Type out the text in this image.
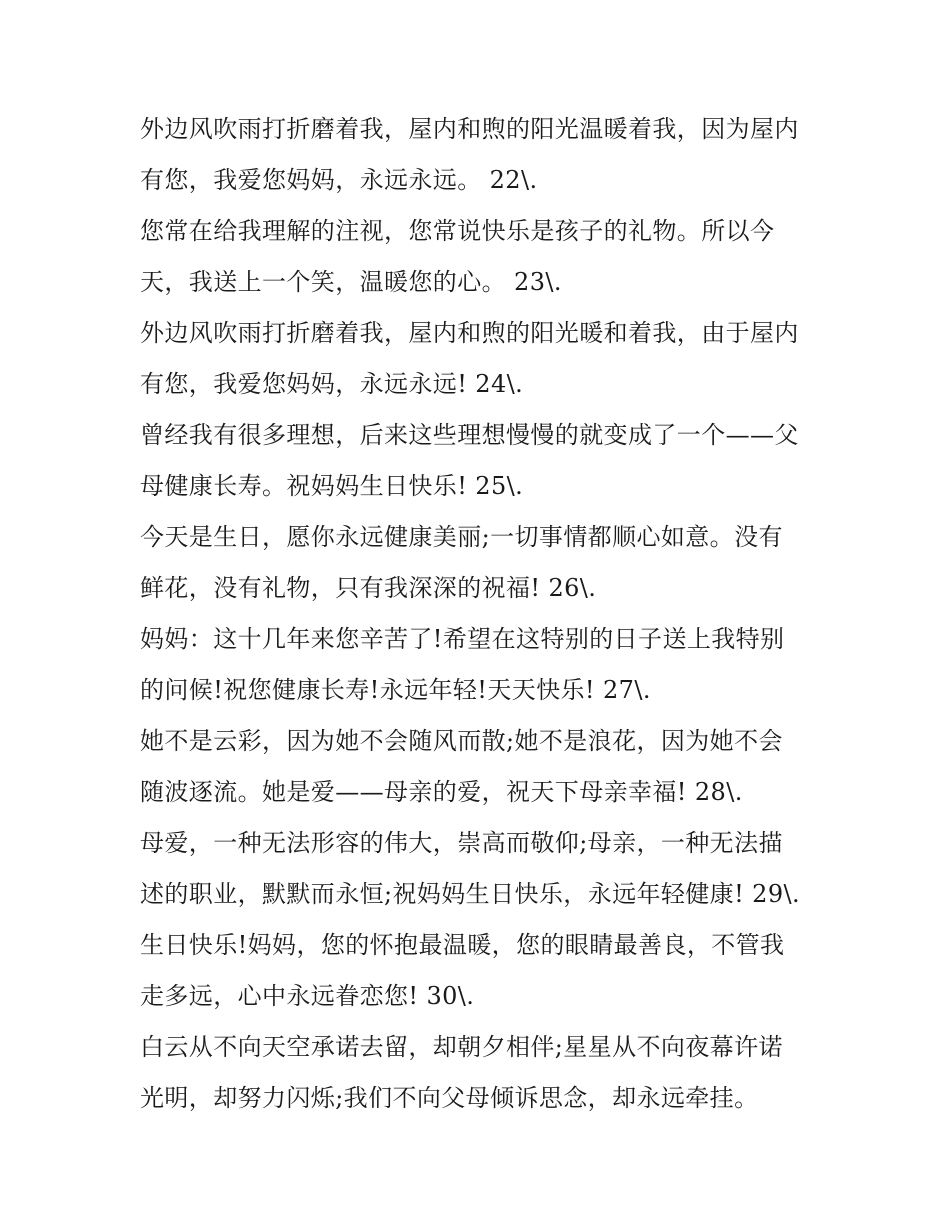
外边风吹雨打折磨着我，屋内和煦的阳光温暖着我，因为屋内
有您，我爱您妈妈，永远永远。 22\.
您常在给我理解的注视，您常说快乐是孩子的礼物。所以今
天，我送上一个笑，温暖您的心。 23\.
外边风吹雨打折磨着我，屋内和煦的阳光暖和着我，由于屋内
有您，我爱您妈妈，永远永远! 24\.
曾经我有很多理想，后来这些理想慢慢的就变成了一个——父
母健康长寿。祝妈妈生日快乐! 25\.
今天是生日，愿你永远健康美丽;一切事情都顺心如意。没有
鲜花，没有礼物，只有我深深的祝福! 26\.
妈妈：这十几年来您辛苦了!希望在这特别的日子送上我特别
的问候!祝您健康长寿!永远年轻!天天快乐! 27\.
她不是云彩，因为她不会随风而散;她不是浪花，因为她不会
随波逐流。她是爱——母亲的爱，祝天下母亲幸福! 28\.
母爱，一种无法形容的伟大，崇高而敬仰;母亲，一种无法描
述的职业，默默而永恒;祝妈妈生日快乐，永远年轻健康! 29\.
生日快乐!妈妈，您的怀抱最温暖，您的眼睛最善良，不管我
走多远，心中永远眷恋您! 30\.
白云从不向天空承诺去留，却朝夕相伴;星星从不向夜幕许诺
光明，却努力闪烁;我们不向父母倾诉思念，却永远牵挂。
